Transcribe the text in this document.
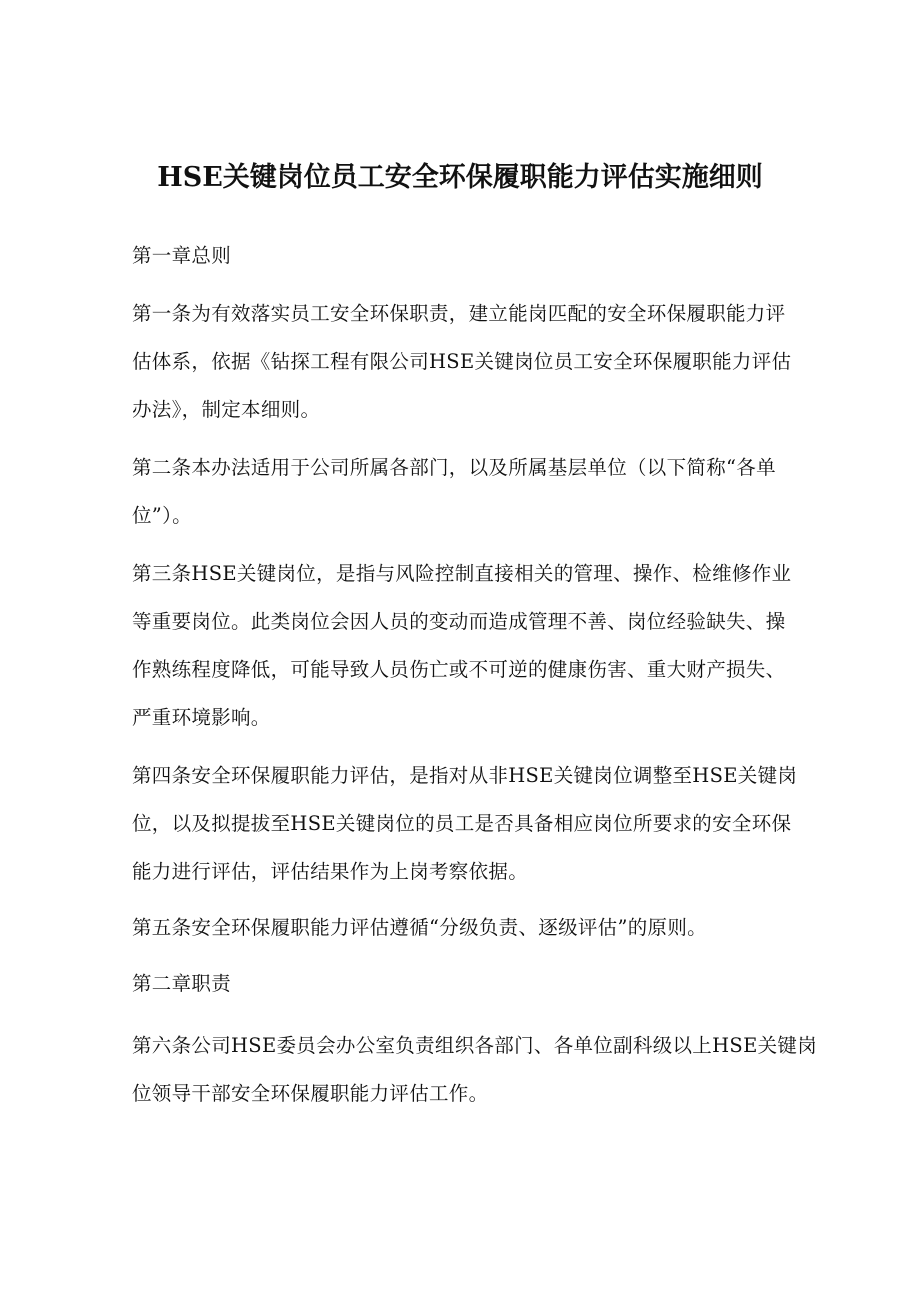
HSE关键岗位员工安全环保履职能力评估实施细则

第一章总则

第一条为有效落实员工安全环保职责，建立能岗匹配的安全环保履职能力评
估体系，依据《钻探工程有限公司HSE关键岗位员工安全环保履职能力评估
办法》，制定本细则。

第二条本办法适用于公司所属各部门，以及所属基层单位（以下简称“各单
位”）。

第三条HSE关键岗位，是指与风险控制直接相关的管理、操作、检维修作业
等重要岗位。此类岗位会因人员的变动而造成管理不善、岗位经验缺失、操
作熟练程度降低，可能导致人员伤亡或不可逆的健康伤害、重大财产损失、
严重环境影响。

第四条安全环保履职能力评估，是指对从非HSE关键岗位调整至HSE关键岗
位，以及拟提拔至HSE关键岗位的员工是否具备相应岗位所要求的安全环保
能力进行评估，评估结果作为上岗考察依据。

第五条安全环保履职能力评估遵循“分级负责、逐级评估”的原则。

第二章职责

第六条公司HSE委员会办公室负责组织各部门、各单位副科级以上HSE关键岗
位领导干部安全环保履职能力评估工作。
